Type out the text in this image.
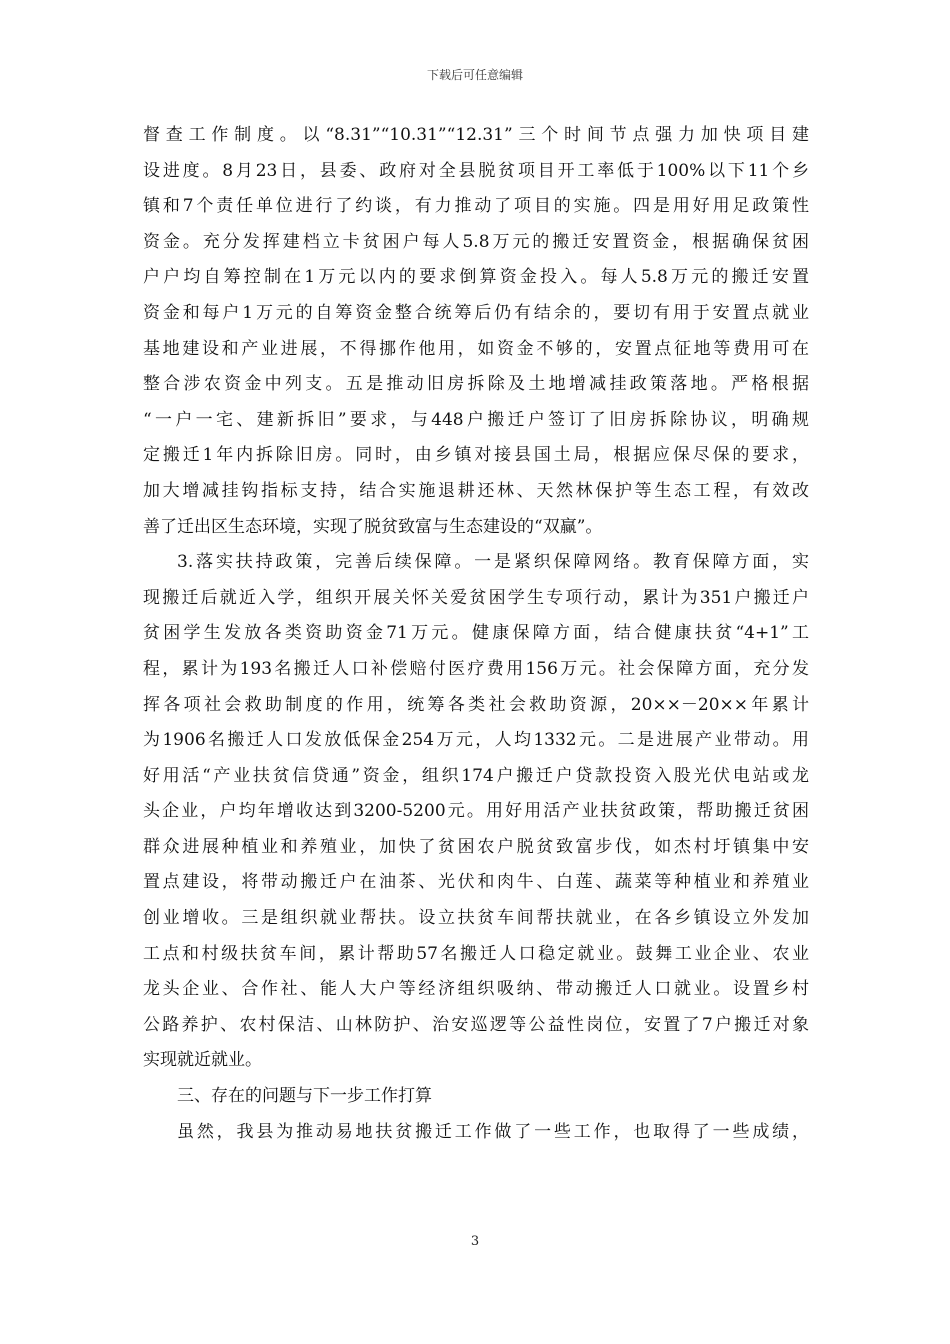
下载后可任意编辑
督查工作制度。以“8.31”“10.31”“12.31”三个时间节点强力加快项目建
设进度。8月23日，县委、政府对全县脱贫项目开工率低于100%以下11个乡
镇和7个责任单位进行了约谈，有力推动了项目的实施。四是用好用足政策性
资金。充分发挥建档立卡贫困户每人5.8万元的搬迁安置资金，根据确保贫困
户户均自筹控制在1万元以内的要求倒算资金投入。每人5.8万元的搬迁安置
资金和每户1万元的自筹资金整合统筹后仍有结余的，要切有用于安置点就业
基地建设和产业进展，不得挪作他用，如资金不够的，安置点征地等费用可在
整合涉农资金中列支。五是推动旧房拆除及土地增减挂政策落地。严格根据
“一户一宅、建新拆旧”要求，与448户搬迁户签订了旧房拆除协议，明确规
定搬迁1年内拆除旧房。同时，由乡镇对接县国土局，根据应保尽保的要求，
加大增减挂钩指标支持，结合实施退耕还林、天然林保护等生态工程，有效改
善了迁出区生态环境，实现了脱贫致富与生态建设的“双赢”。
3.落实扶持政策，完善后续保障。一是紧织保障网络。教育保障方面，实
现搬迁后就近入学，组织开展关怀关爱贫困学生专项行动，累计为351户搬迁户
贫困学生发放各类资助资金71万元。健康保障方面，结合健康扶贫“4+1”工
程，累计为193名搬迁人口补偿赔付医疗费用156万元。社会保障方面，充分发
挥各项社会救助制度的作用，统筹各类社会救助资源，20××－20××年累计
为1906名搬迁人口发放低保金254万元，人均1332元。二是进展产业带动。用
好用活“产业扶贫信贷通”资金，组织174户搬迁户贷款投资入股光伏电站或龙
头企业，户均年增收达到3200-5200元。用好用活产业扶贫政策，帮助搬迁贫困
群众进展种植业和养殖业，加快了贫困农户脱贫致富步伐，如杰村圩镇集中安
置点建设，将带动搬迁户在油茶、光伏和肉牛、白莲、蔬菜等种植业和养殖业
创业增收。三是组织就业帮扶。设立扶贫车间帮扶就业，在各乡镇设立外发加
工点和村级扶贫车间，累计帮助57名搬迁人口稳定就业。鼓舞工业企业、农业
龙头企业、合作社、能人大户等经济组织吸纳、带动搬迁人口就业。设置乡村
公路养护、农村保洁、山林防护、治安巡逻等公益性岗位，安置了7户搬迁对象
实现就近就业。
三、存在的问题与下一步工作打算
虽然，我县为推动易地扶贫搬迁工作做了一些工作，也取得了一些成绩，
3
